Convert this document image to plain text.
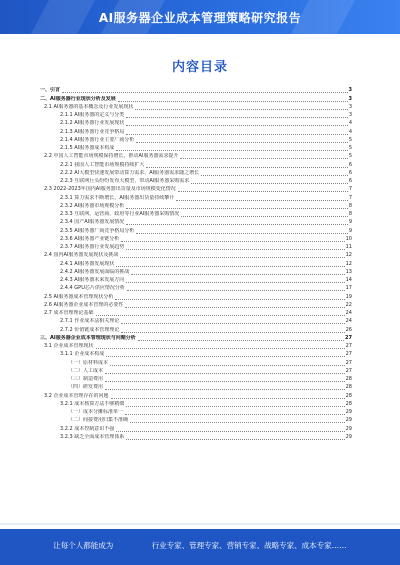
AI服务器企业成本管理策略研究报告
内容目录
一、引言	3
二、AI服务器行业现状分析及发展	3
2.1 AI服务器的基本概念及行业发展现状	3
2.1.1 AI服务器的定义与分类	3
2.1.2 AI服务器行业发展现状	4
2.1.3 AI服务器行业竞争格局	4
2.1.4 AI服务器行业主要厂商分析	5
2.1.5 AI服务器成本构成	5
2.2 中国人工智能市场规模保持增长，推动AI服务器需求提升	5
2.2.1 我国人工智能市场规模持续扩大	6
2.2.2 AI大模型快速发展带动算力需求，AI服务器需求随之增长	6
2.2.3 互联网巨头纷纷发布大模型，带动AI服务器采购需求	6
2.3 2022-2023年国内AI服务器出货量及市场规模变化情况	7
2.3.1 算力需求不断增长，AI服务器出货量持续攀升	7
2.3.2 AI服务器市场规模分析	8
2.3.3 互联网、运营商、政府等行业AI服务器采购情况	8
2.3.4 国产AI服务器发展情况	9
2.3.5 AI服务器厂商竞争格局分析	9
2.3.6 AI服务器产业链分析	10
2.3.7 AI服务器行业发展趋势	11
2.4 国内AI服务器发展现状及挑战	12
2.4.1 AI服务器发展现状	12
2.4.2 AI服务器发展面临的挑战	13
2.4.3 AI服务器未来发展方向	14
2.4.4 GPU芯片供应情况分析	17
2.5 AI服务器成本管理现状分析	19
2.6 AI服务器企业成本管理的必要性	22
2.7 成本管理理论基础	24
2.7.1 作业成本法相关理论	24
2.7.2 价值链成本管理理论	26
三、AI服务器企业成本管理现状与问题分析	27
3.1 企业成本管理现状	27
3.1.1 企业成本构成	27
（一）原材料成本	27
（二）人工成本	27
（三）制造费用	28
（四）研发费用	28
3.2 企业成本管理存在的问题	28
3.2.1 成本核算方法不够精细	28
（一）成本分摊标准单一	29
（二）间接费用归集不准确	29
3.2.2 成本控制意识不强	29
3.2.3 缺乏全面成本管理体系	29
让每个人都能成为	行业专家、管理专家、营销专家、战略专家、成本专家……
